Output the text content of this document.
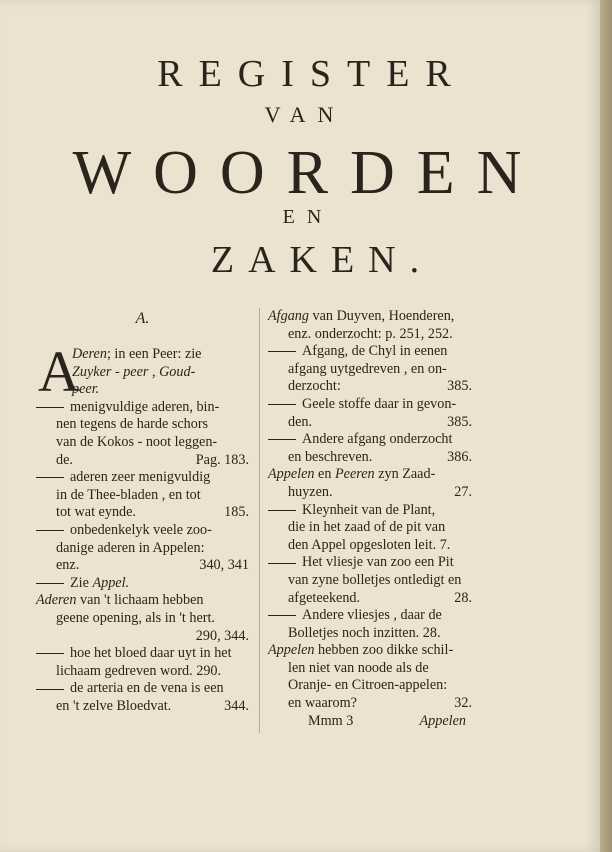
REGISTER
VAN
WOORDEN
EN
ZAKEN.

A.

A
Deren; in een Peer: zie
Zuyker - peer , Goud-
peer.
menigvuldige aderen, bin-
nen tegens de harde schors
van de Kokos - noot leggen-
de.	Pag. 183.
aderen zeer menigvuldig
in de Thee-bladen , en tot
tot wat eynde.	185.
onbedenkelyk veele zoo-
danige aderen in Appelen:
enz.	340, 341
Zie Appel.
Aderen van 't lichaam hebben
geene opening, als in 't hert.
290, 344.
hoe het bloed daar uyt in het
lichaam gedreven word. 290.
de arteria en de vena is een
en 't zelve Bloedvat.	344.
Afgang van Duyven, Hoenderen,
enz. onderzocht: p. 251, 252.
Afgang, de Chyl in eenen
afgang uytgedreven , en on-
derzocht:	385.
Geele stoffe daar in gevon-
den.	385.
Andere afgang onderzocht
en beschreven.	386.
Appelen en Peeren zyn Zaad-
huyzen.	27.
Kleynheit van de Plant,
die in het zaad of de pit van
den Appel opgesloten leit. 7.
Het vliesje van zoo een Pit
van zyne bolletjes ontledigt en
afgeteekend.	28.
Andere vliesjes , daar de
Bolletjes noch inzitten. 28.
Appelen hebben zoo dikke schil-
len niet van noode als de
Oranje- en Citroen-appelen:
en waarom?	32.
Mmm 3	Appelen
